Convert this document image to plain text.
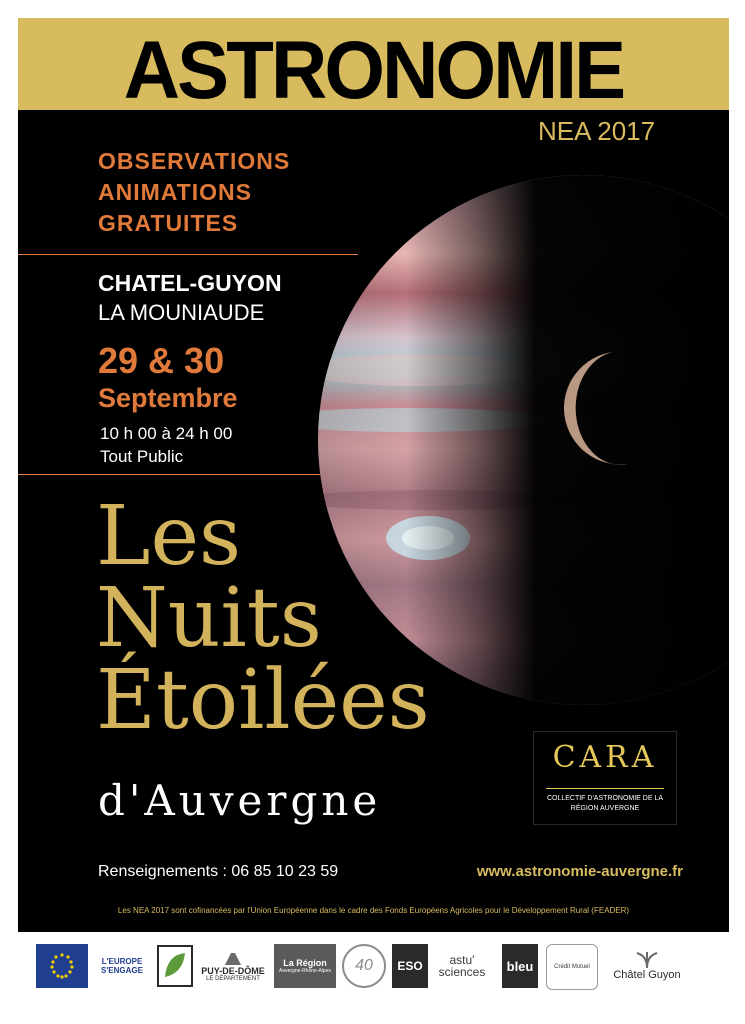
ASTRONOMIE
NEA 2017
OBSERVATIONS
ANIMATIONS
GRATUITES
CHATEL-GUYON
LA MOUNIAUDE
29 & 30
Septembre
10 h 00 à 24 h 00
Tout Public
Les
Nuits
Étoilées
d'Auvergne
CARA
COLLECTIF D'ASTRONOMIE DE LA
RÉGION AUVERGNE
Renseignements : 06 85 10 23 59	www.astronomie-auvergne.fr
Les NEA 2017 sont cofinancées par l'Union Européenne dans le cadre des Fonds Européens Agricoles pour le Développement Rural (FEADER)
L'EUROPE S'ENGAGE	PUY-DE-DÔME
LE DÉPARTEMENT
La Région
Auvergne-Rhône-Alpes	40	ESO	astu'
sciences	bleu	Crédit Mutuel
Châtel Guyon
